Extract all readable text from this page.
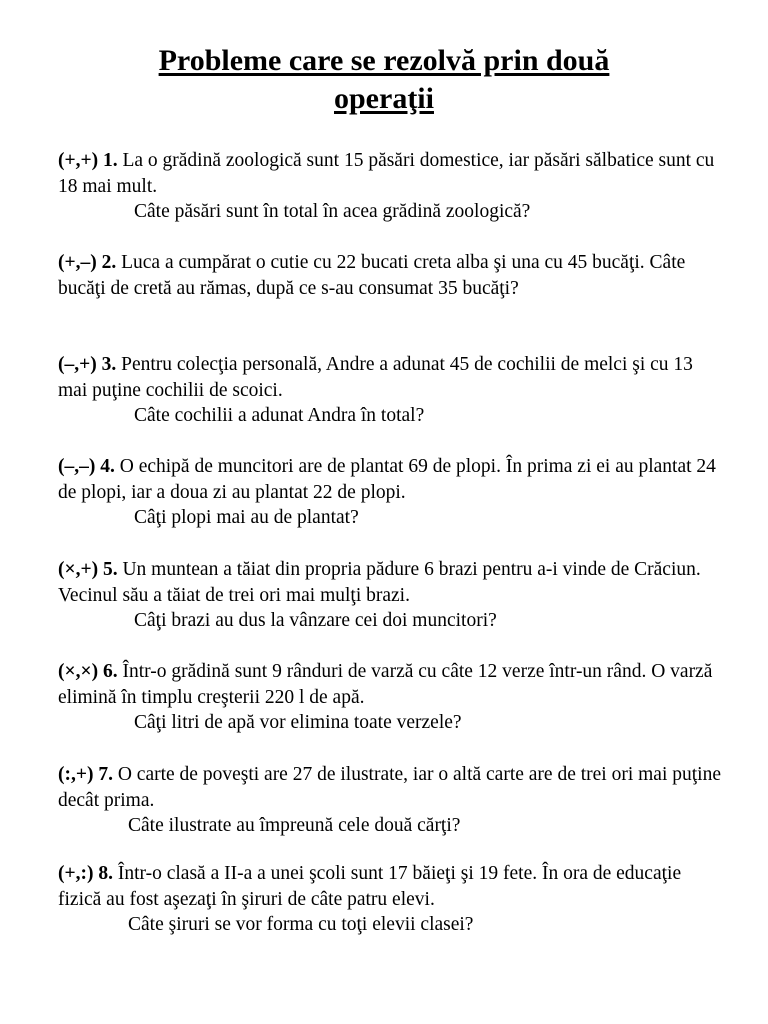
Probleme care se rezolvă prin două
operaţii
(+,+) 1. La o grădină zoologică sunt 15 păsări domestice, iar păsări sălbatice sunt cu 18 mai mult.
Câte păsări sunt în total în acea grădină zoologică?
(+,–) 2. Luca a cumpărat o cutie cu 22 bucati creta alba şi una cu 45 bucăţi. Câte bucăţi de cretă au rămas, după ce s-au consumat 35 bucăţi?
(–,+) 3. Pentru colecţia personală, Andre a adunat 45 de cochilii de melci şi cu 13 mai puţine cochilii de scoici.
Câte cochilii a adunat Andra în total?
(–,–) 4. O echipă de muncitori are de plantat 69 de plopi. În prima zi ei au plantat 24 de plopi, iar a doua zi au plantat 22 de plopi.
Câţi plopi mai au de plantat?
(×,+) 5. Un muntean a tăiat din propria pădure 6 brazi pentru a-i vinde de Crăciun. Vecinul său a tăiat de trei ori mai mulţi brazi.
Câţi brazi au dus la vânzare cei doi muncitori?
(×,×) 6. Într-o grădină sunt 9 rânduri de varză cu câte 12 verze într-un rând. O varză elimină în timplu creşterii 220 l de apă.
Câţi litri de apă vor elimina toate verzele?
(:,+) 7. O carte de poveşti are 27 de ilustrate, iar o altă carte are de trei ori mai puţine decât prima.
Câte ilustrate au împreună cele două cărţi?
(+,:) 8. Într-o clasă a II-a a unei şcoli sunt 17 băieţi şi 19 fete. În ora de educaţie fizică au fost aşezaţi în şiruri de câte patru elevi.
Câte şiruri se vor forma cu toţi elevii clasei?
